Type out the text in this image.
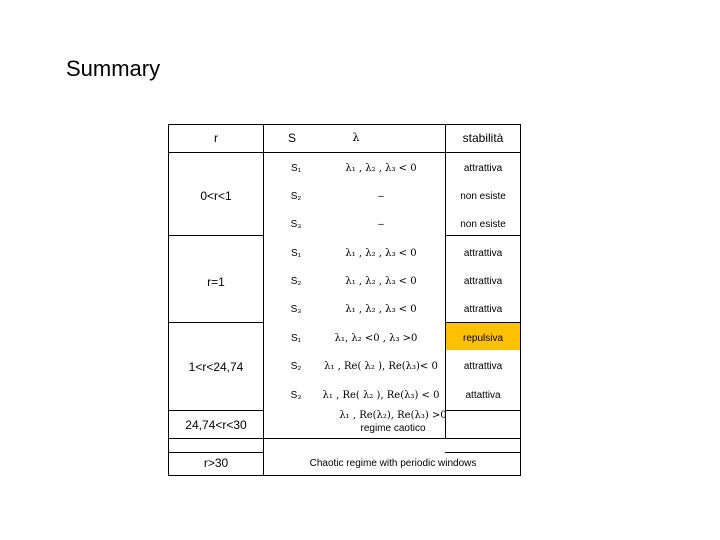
Summary
r	S	λ	stabilità
0<r<1
S₁	λ₁ , λ₂ , λ₃ < 0	attrattiva
S₂	–	non esiste
S₃	–	non esiste
r=1
S₁	λ₁ , λ₂ , λ₃ < 0	attrattiva
S₂	λ₁ , λ₂ , λ₃ < 0	attrattiva
S₃	λ₁ , λ₂ , λ₃ < 0	attrattiva
1<r<24,74
S₁	λ₁, λ₂ <0 , λ₃ >0	repulsiva
S₂ λ₁ , Re( λ₂ ), Re(λ₃)< 0	attrattiva
S₃ λ₁ , Re( λ₂ ), Re(λ₃) < 0	attattiva
24,74<r<30
λ₁ , Re(λ₂), Re(λ₃) >0
regime caotico
r>30	Chaotic regime with periodic windows
